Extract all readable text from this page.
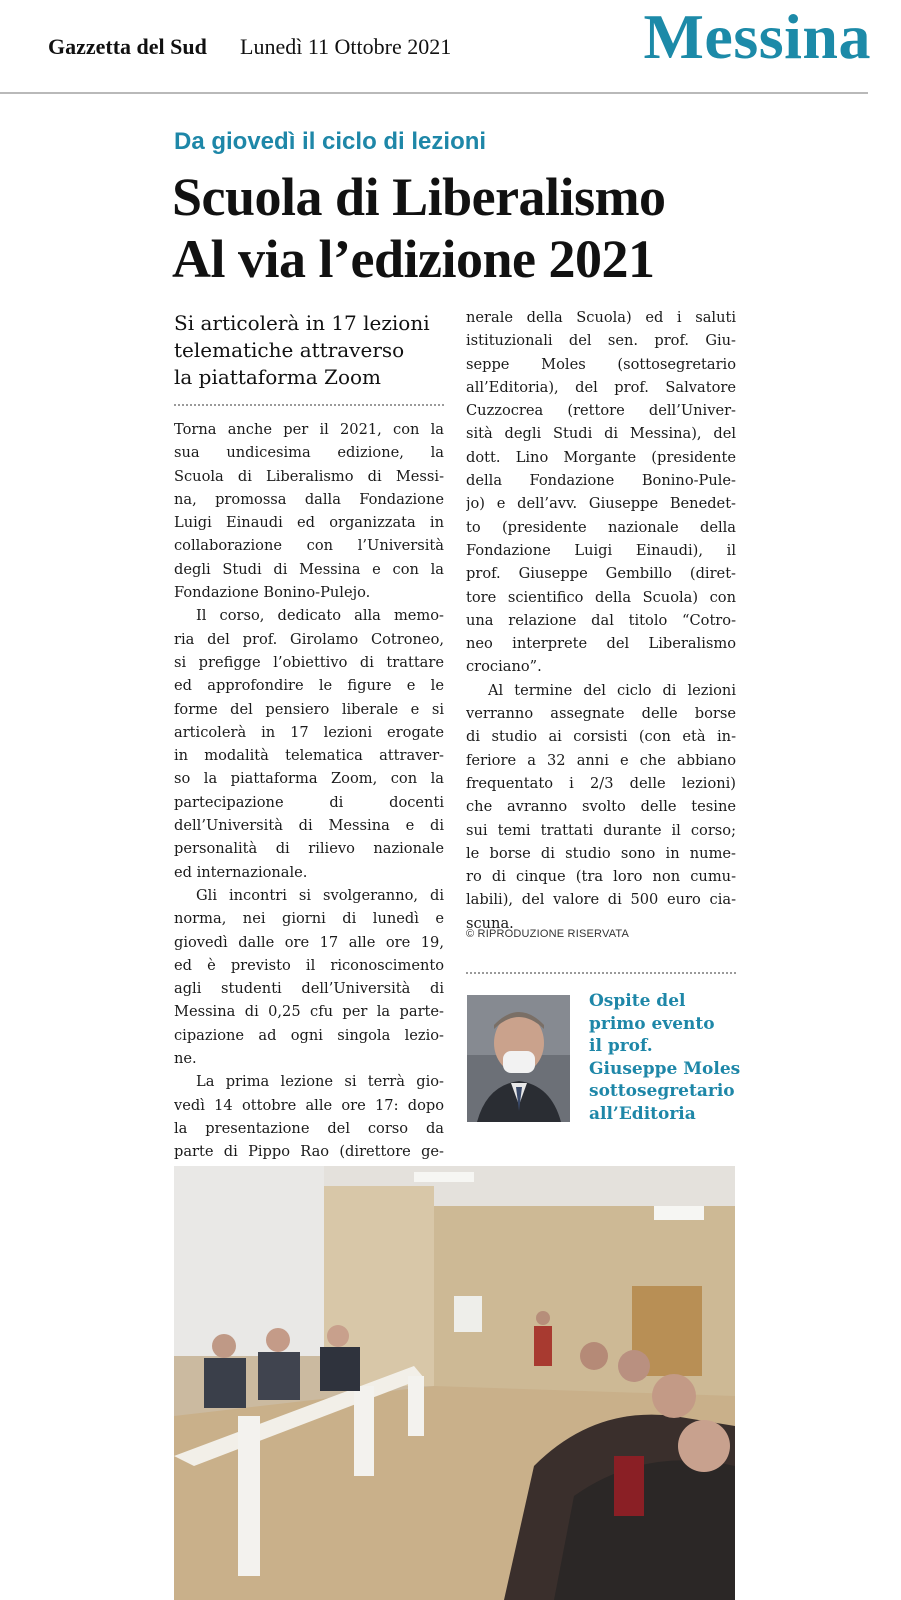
Gazzetta del Sud Lunedì 11 Ottobre 2021	Messina
Da giovedì il ciclo di lezioni
Scuola di Liberalismo
Al via l’edizione 2021
Si articolerà in 17 lezioni
telematiche attraverso
la piattaforma Zoom
Torna anche per il 2021, con la
sua undicesima edizione, la
Scuola di Liberalismo di Messi-
na, promossa dalla Fondazione
Luigi Einaudi ed organizzata in
collaborazione con l’Università
degli Studi di Messina e con la
Fondazione Bonino-Pulejo.
Il corso, dedicato alla memo-
ria del prof. Girolamo Cotroneo,
si prefigge l’obiettivo di trattare
ed approfondire le figure e le
forme del pensiero liberale e si
articolerà in 17 lezioni erogate
in modalità telematica attraver-
so la piattaforma Zoom, con la
partecipazione di docenti
dell’Università di Messina e di
personalità di rilievo nazionale
ed internazionale.
Gli incontri si svolgeranno, di
norma, nei giorni di lunedì e
giovedì dalle ore 17 alle ore 19,
ed è previsto il riconoscimento
agli studenti dell’Università di
Messina di 0,25 cfu per la parte-
cipazione ad ogni singola lezio-
ne.
La prima lezione si terrà gio-
vedì 14 ottobre alle ore 17: dopo
la presentazione del corso da
parte di Pippo Rao (direttore ge-
nerale della Scuola) ed i saluti
istituzionali del sen. prof. Giu-
seppe Moles (sottosegretario
all’Editoria), del prof. Salvatore
Cuzzocrea (rettore dell’Univer-
sità degli Studi di Messina), del
dott. Lino Morgante (presidente
della Fondazione Bonino-Pule-
jo) e dell’avv. Giuseppe Benedet-
to (presidente nazionale della
Fondazione Luigi Einaudi), il
prof. Giuseppe Gembillo (diret-
tore scientifico della Scuola) con
una relazione dal titolo “Cotro-
neo interprete del Liberalismo
crociano”.
Al termine del ciclo di lezioni
verranno assegnate delle borse
di studio ai corsisti (con età in-
feriore a 32 anni e che abbiano
frequentato i 2/3 delle lezioni)
che avranno svolto delle tesine
sui temi trattati durante il corso;
le borse di studio sono in nume-
ro di cinque (tra loro non cumu-
labili), del valore di 500 euro cia-
scuna.
© RIPRODUZIONE RISERVATA
Ospite del
primo evento
il prof.
Giuseppe Moles
sottosegretario
all’Editoria
